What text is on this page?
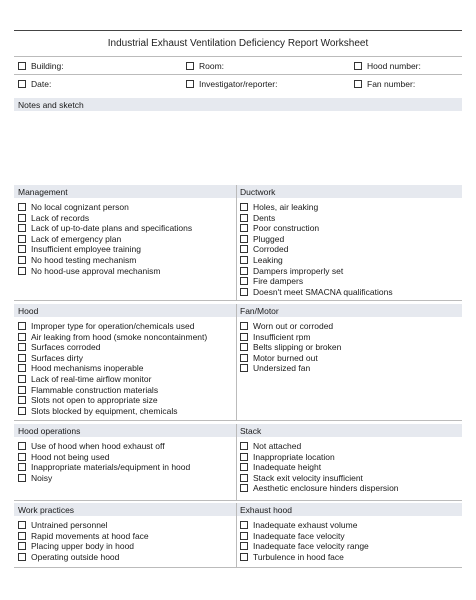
Industrial Exhaust Ventilation Deficiency Report Worksheet
Building:	Room:	Hood number:
Date:	Investigator/reporter:	Fan number:
Notes and sketch
Management	Ductwork
No local cognizant person
Lack of records
Lack of up-to-date plans and specifications
Lack of emergency plan
Insufficient employee training
No hood testing mechanism
No hood-use approval mechanism
Holes, air leaking
Dents
Poor construction
Plugged
Corroded
Leaking
Dampers improperly set
Fire dampers
Doesn't meet SMACNA qualifications
Hood	Fan/Motor
Improper type for operation/chemicals used
Air leaking from hood (smoke noncontainment)
Surfaces corroded
Surfaces dirty
Hood mechanisms inoperable
Lack of real-time airflow monitor
Flammable construction materials
Slots not open to appropriate size
Slots blocked by equipment, chemicals
Worn out or corroded
Insufficient rpm
Belts slipping or broken
Motor burned out
Undersized fan
Hood operations	Stack
Use of hood when hood exhaust off
Hood not being used
Inappropriate materials/equipment in hood
Noisy
Not attached
Inappropriate location
Inadequate height
Stack exit velocity insufficient
Aesthetic enclosure hinders dispersion
Work practices	Exhaust hood
Untrained personnel
Rapid movements at hood face
Placing upper body in hood
Operating outside hood
Inadequate exhaust volume
Inadequate face velocity
Inadequate face velocity range
Turbulence in hood face
